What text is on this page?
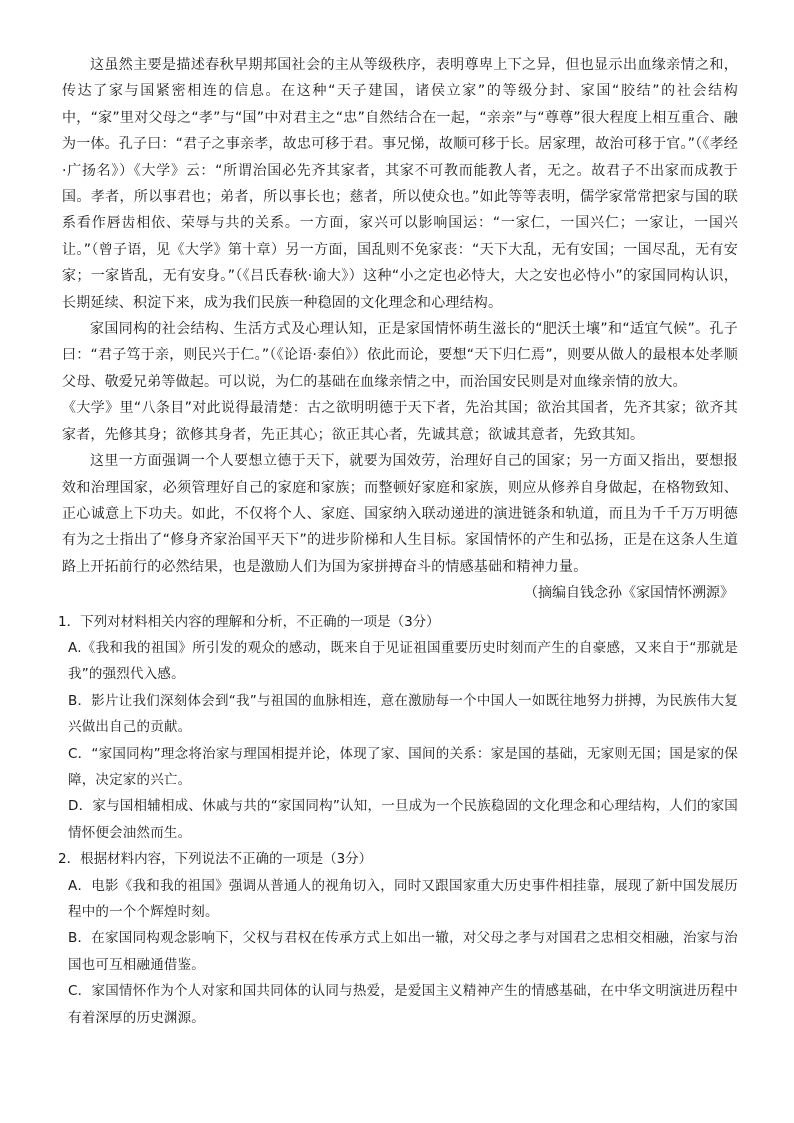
这虽然主要是描述春秋早期邦国社会的主从等级秩序，表明尊卑上下之异，但也显示出血缘亲情之和，传达了家与国紧密相连的信息。在这种“天子建国，诸侯立家”的等级分封、家国“胶结”的社会结构中，“家”里对父母之“孝”与“国”中对君主之“忠”自然结合在一起，“亲亲”与“尊尊”很大程度上相互重合、融为一体。孔子曰：“君子之事亲孝，故忠可移于君。事兄悌，故顺可移于长。居家理，故治可移于官。”（《孝经·广扬名》）《大学》云：“所谓治国必先齐其家者，其家不可教而能教人者，无之。故君子不出家而成教于国。孝者，所以事君也；弟者，所以事长也；慈者，所以使众也。”如此等等表明，儒学家常常把家与国的联系看作唇齿相依、荣辱与共的关系。一方面，家兴可以影响国运：“一家仁，一国兴仁；一家让，一国兴让。”（曾子语，见《大学》第十章）另一方面，国乱则不免家丧：“天下大乱，无有安国；一国尽乱，无有安家；一家皆乱，无有安身。”（《吕氏春秋·谕大》）这种“小之定也必恃大，大之安也必恃小”的家国同构认识，长期延续、积淀下来，成为我们民族一种稳固的文化理念和心理结构。

家国同构的社会结构、生活方式及心理认知，正是家国情怀萌生滋长的“肥沃土壤”和“适宜气候”。孔子曰：“君子笃于亲，则民兴于仁。”（《论语·泰伯》）依此而论，要想“天下归仁焉”，则要从做人的最根本处孝顺父母、敬爱兄弟等做起。可以说，为仁的基础在血缘亲情之中，而治国安民则是对血缘亲情的放大。

《大学》里“八条目”对此说得最清楚：古之欲明明德于天下者，先治其国；欲治其国者，先齐其家；欲齐其家者，先修其身；欲修其身者，先正其心；欲正其心者，先诚其意；欲诚其意者，先致其知。

这里一方面强调一个人要想立德于天下，就要为国效劳，治理好自己的国家；另一方面又指出，要想报效和治理国家，必须管理好自己的家庭和家族；而整顿好家庭和家族，则应从修养自身做起，在格物致知、正心诚意上下功夫。如此，不仅将个人、家庭、国家纳入联动递进的演进链条和轨道，而且为千千万万明德有为之士指出了“修身齐家治国平天下”的进步阶梯和人生目标。家国情怀的产生和弘扬，正是在这条人生道路上开拓前行的必然结果，也是激励人们为国为家拼搏奋斗的情感基础和精神力量。

（摘编自钱念孙《家国情怀溯源》

1．下列对材料相关内容的理解和分析，不正确的一项是（3分）

A.《我和我的祖国》所引发的观众的感动，既来自于见证祖国重要历史时刻而产生的自豪感，又来自于“那就是我”的强烈代入感。

B．影片让我们深刻体会到“我”与祖国的血脉相连，意在激励每一个中国人一如既往地努力拼搏，为民族伟大复兴做出自己的贡献。

C．“家国同构”理念将治家与理国相提并论，体现了家、国间的关系：家是国的基础，无家则无国；国是家的保障，决定家的兴亡。

D．家与国相辅相成、休戚与共的“家国同构”认知，一旦成为一个民族稳固的文化理念和心理结构，人们的家国情怀便会油然而生。

2．根据材料内容，下列说法不正确的一项是（3分）

A．电影《我和我的祖国》强调从普通人的视角切入，同时又跟国家重大历史事件相挂靠，展现了新中国发展历程中的一个个辉煌时刻。

B．在家国同构观念影响下，父权与君权在传承方式上如出一辙，对父母之孝与对国君之忠相交相融，治家与治国也可互相融通借鉴。

C．家国情怀作为个人对家和国共同体的认同与热爱，是爱国主义精神产生的情感基础，在中华文明演进历程中有着深厚的历史渊源。
